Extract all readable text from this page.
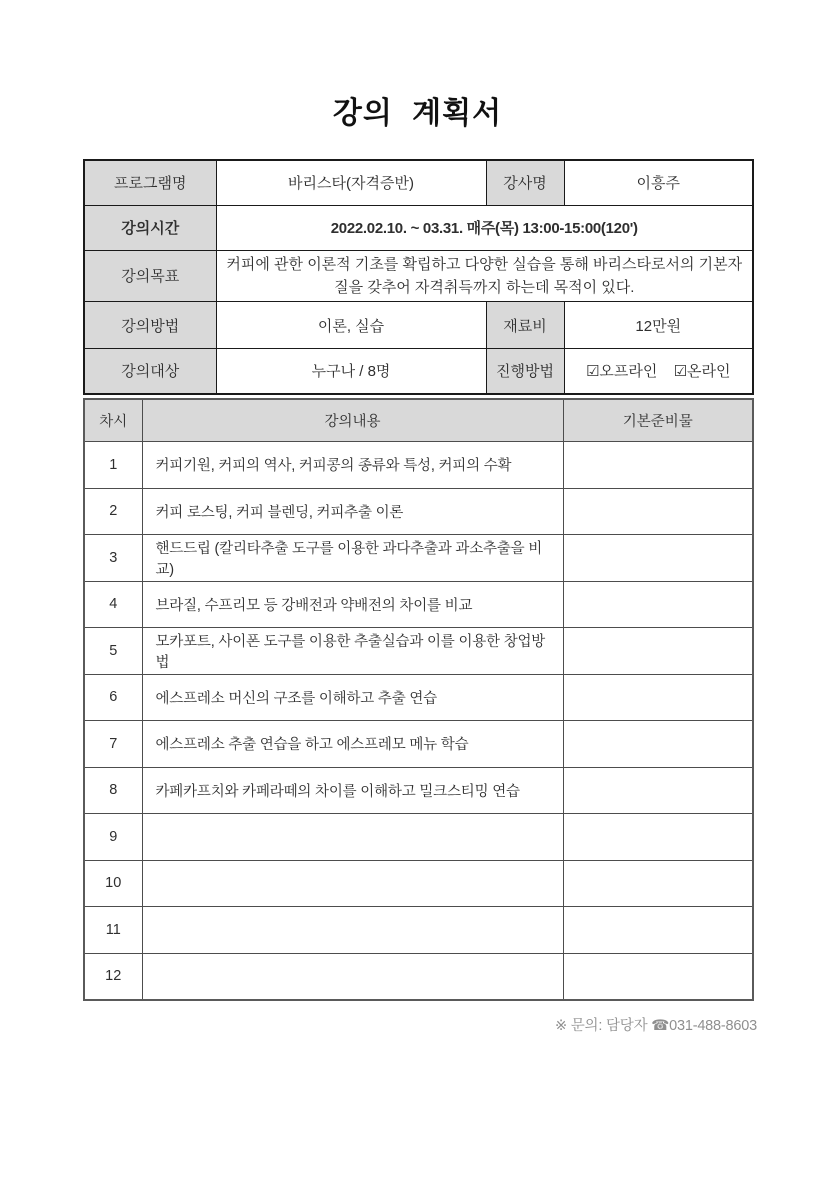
강의 계획서
프로그램명	바리스타(자격증반)	강사명	이흥주
강의시간	2022.02.10. ~ 03.31. 매주(목) 13:00-15:00(120')		
강의목표	커피에 관한 이론적 기초를 확립하고 다양한 실습을 통해 바리스타로서의 기본자질을 갖추어 자격취득까지 하는데 목적이 있다.		
강의방법	이론, 실습	재료비	12만원
강의대상	누구나 / 8명	진행방법	☑오프라인 ☑온라인
차시	강의내용	기본준비물
1	커피기원, 커피의 역사, 커피콩의 종류와 특성, 커피의 수확	
2	커피 로스팅, 커피 블렌딩, 커피추출 이론	
3	핸드드립 (칼리타추출 도구를 이용한 과다추출과 과소추출을 비교)	
4	브라질, 수프리모 등 강배전과 약배전의 차이를 비교	
5	모카포트, 사이폰 도구를 이용한 추출실습과 이를 이용한 창업방법	
6	에스프레소 머신의 구조를 이해하고 추출 연습	
7	에스프레소 추출 연습을 하고 에스프레모 메뉴 학습	
8	카페카프치와 카페라떼의 차이를 이해하고 밀크스티밍 연습	
9		
10		
11		
12		
※ 문의: 담당자 ☎031-488-8603
